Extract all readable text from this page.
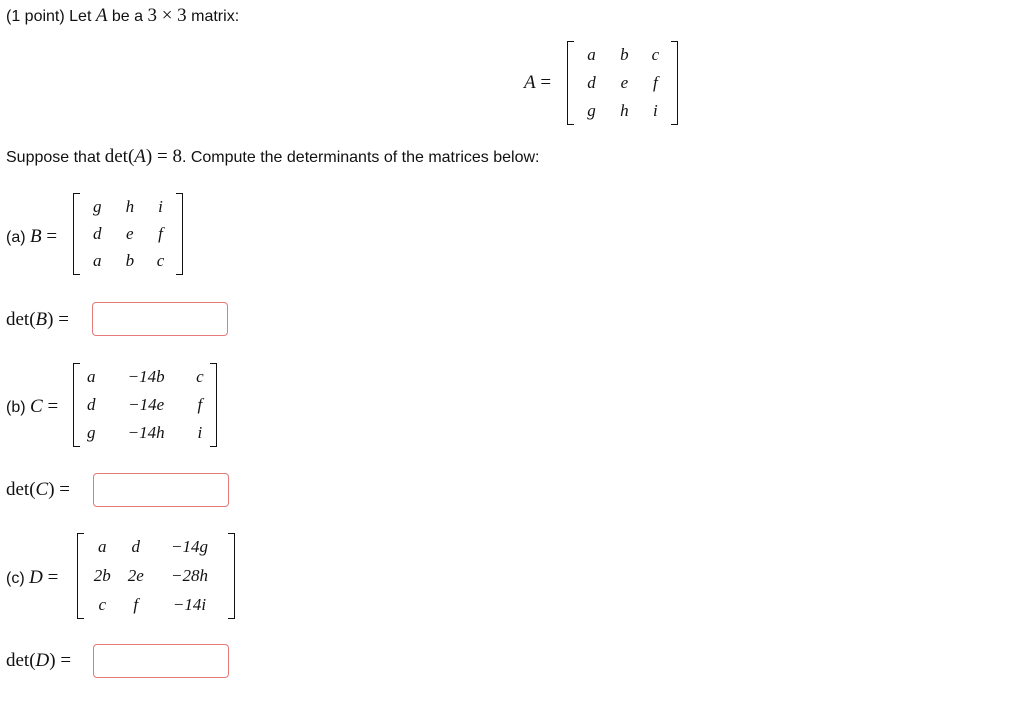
(1 point) Let A be a 3 × 3 matrix:
A =
a	b	c
d	e	f
g	h	i
Suppose that det(A) = 8. Compute the determinants of the matrices below:
(a) B =
g	h	i
d	e	f
a	b	c
det(B) =
(b) C =
a	−14b	c
d	−14e	f
g	−14h	i
det(C) =
(c) D =
a	d	−14g
2b	2e	−28h
c	f	−14i
det(D) =
